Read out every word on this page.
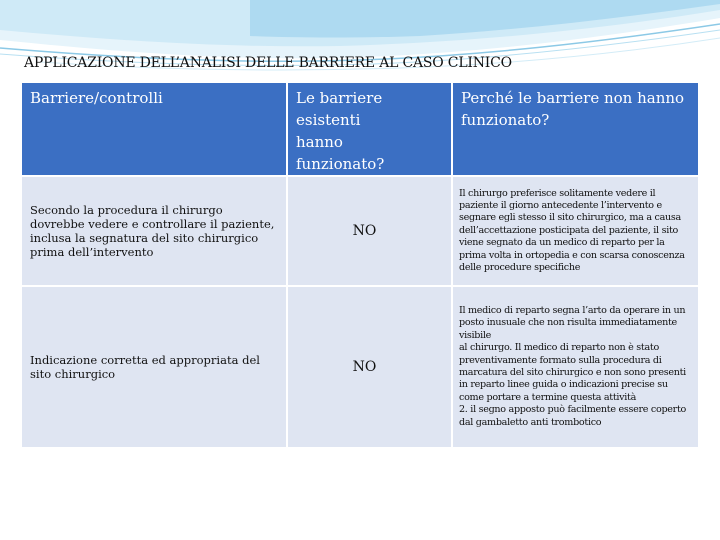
APPLICAZIONE DELL’ANALISI DELLE BARRIERE AL CASO CLINICO
Barriere/controlli	Le barriere
esistenti
hanno
funzionato?
Perché le barriere non hanno
funzionato?
Secondo la procedura il chirurgo dovrebbe vedere e controllare il paziente, inclusa la segnatura del sito chirurgico prima dell’intervento
NO
Il chirurgo preferisce solitamente vedere il paziente il giorno antecedente l’intervento e segnare egli stesso il sito chirurgico, ma a causa dell’accettazione posticipata del paziente, il sito viene segnato da un medico di reparto per la prima volta in ortopedia e con scarsa conoscenza delle procedure specifiche
Indicazione corretta ed appropriata del sito chirurgico	NO
Il medico di reparto segna l’arto da operare in un posto inusuale che non risulta immediatamente visibile
al chirurgo. Il medico di reparto non è stato preventivamente formato sulla procedura di marcatura del sito chirurgico e non sono presenti in reparto linee guida o indicazioni precise su come portare a termine questa attività
2. il segno apposto può facilmente essere coperto dal gambaletto anti trombotico
